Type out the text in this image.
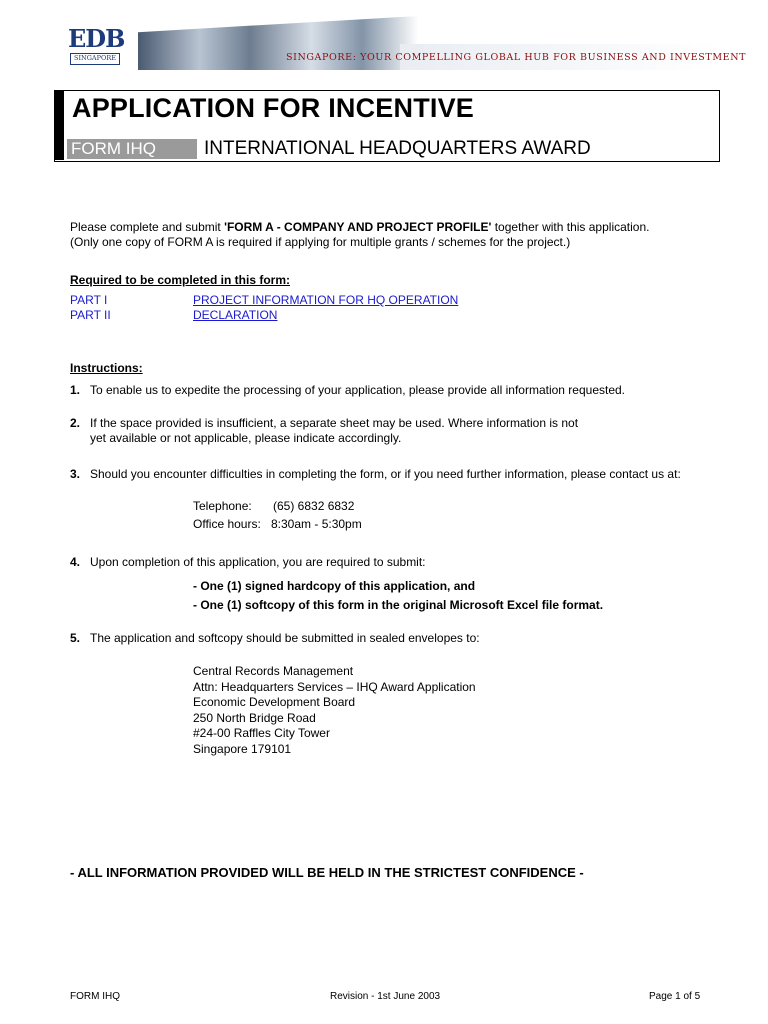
EDB
SINGAPORE	SINGAPORE: YOUR COMPELLING GLOBAL HUB FOR BUSINESS AND INVESTMENT
APPLICATION FOR INCENTIVE
FORM IHQ	INTERNATIONAL HEADQUARTERS AWARD
Please complete and submit 'FORM A - COMPANY AND PROJECT PROFILE' together with this application.
(Only one copy of FORM A is required if applying for multiple grants / schemes for the project.)
Required to be completed in this form:
PART I	PROJECT INFORMATION FOR HQ OPERATION
PART II	DECLARATION
Instructions:
1. To enable us to expedite the processing of your application, please provide all information requested.
2. If the space provided is insufficient, a separate sheet may be used. Where information is not
yet available or not applicable, please indicate accordingly.
3. Should you encounter difficulties in completing the form, or if you need further information, please contact us at:
Telephone: (65) 6832 6832
Office hours: 8:30am - 5:30pm
4. Upon completion of this application, you are required to submit:
- One (1) signed hardcopy of this application, and
- One (1) softcopy of this form in the original Microsoft Excel file format.
5. The application and softcopy should be submitted in sealed envelopes to:
Central Records Management
Attn: Headquarters Services – IHQ Award Application
Economic Development Board
250 North Bridge Road
#24-00 Raffles City Tower
Singapore 179101
- ALL INFORMATION PROVIDED WILL BE HELD IN THE STRICTEST CONFIDENCE -
FORM IHQ	Revision - 1st June 2003	Page 1 of 5
